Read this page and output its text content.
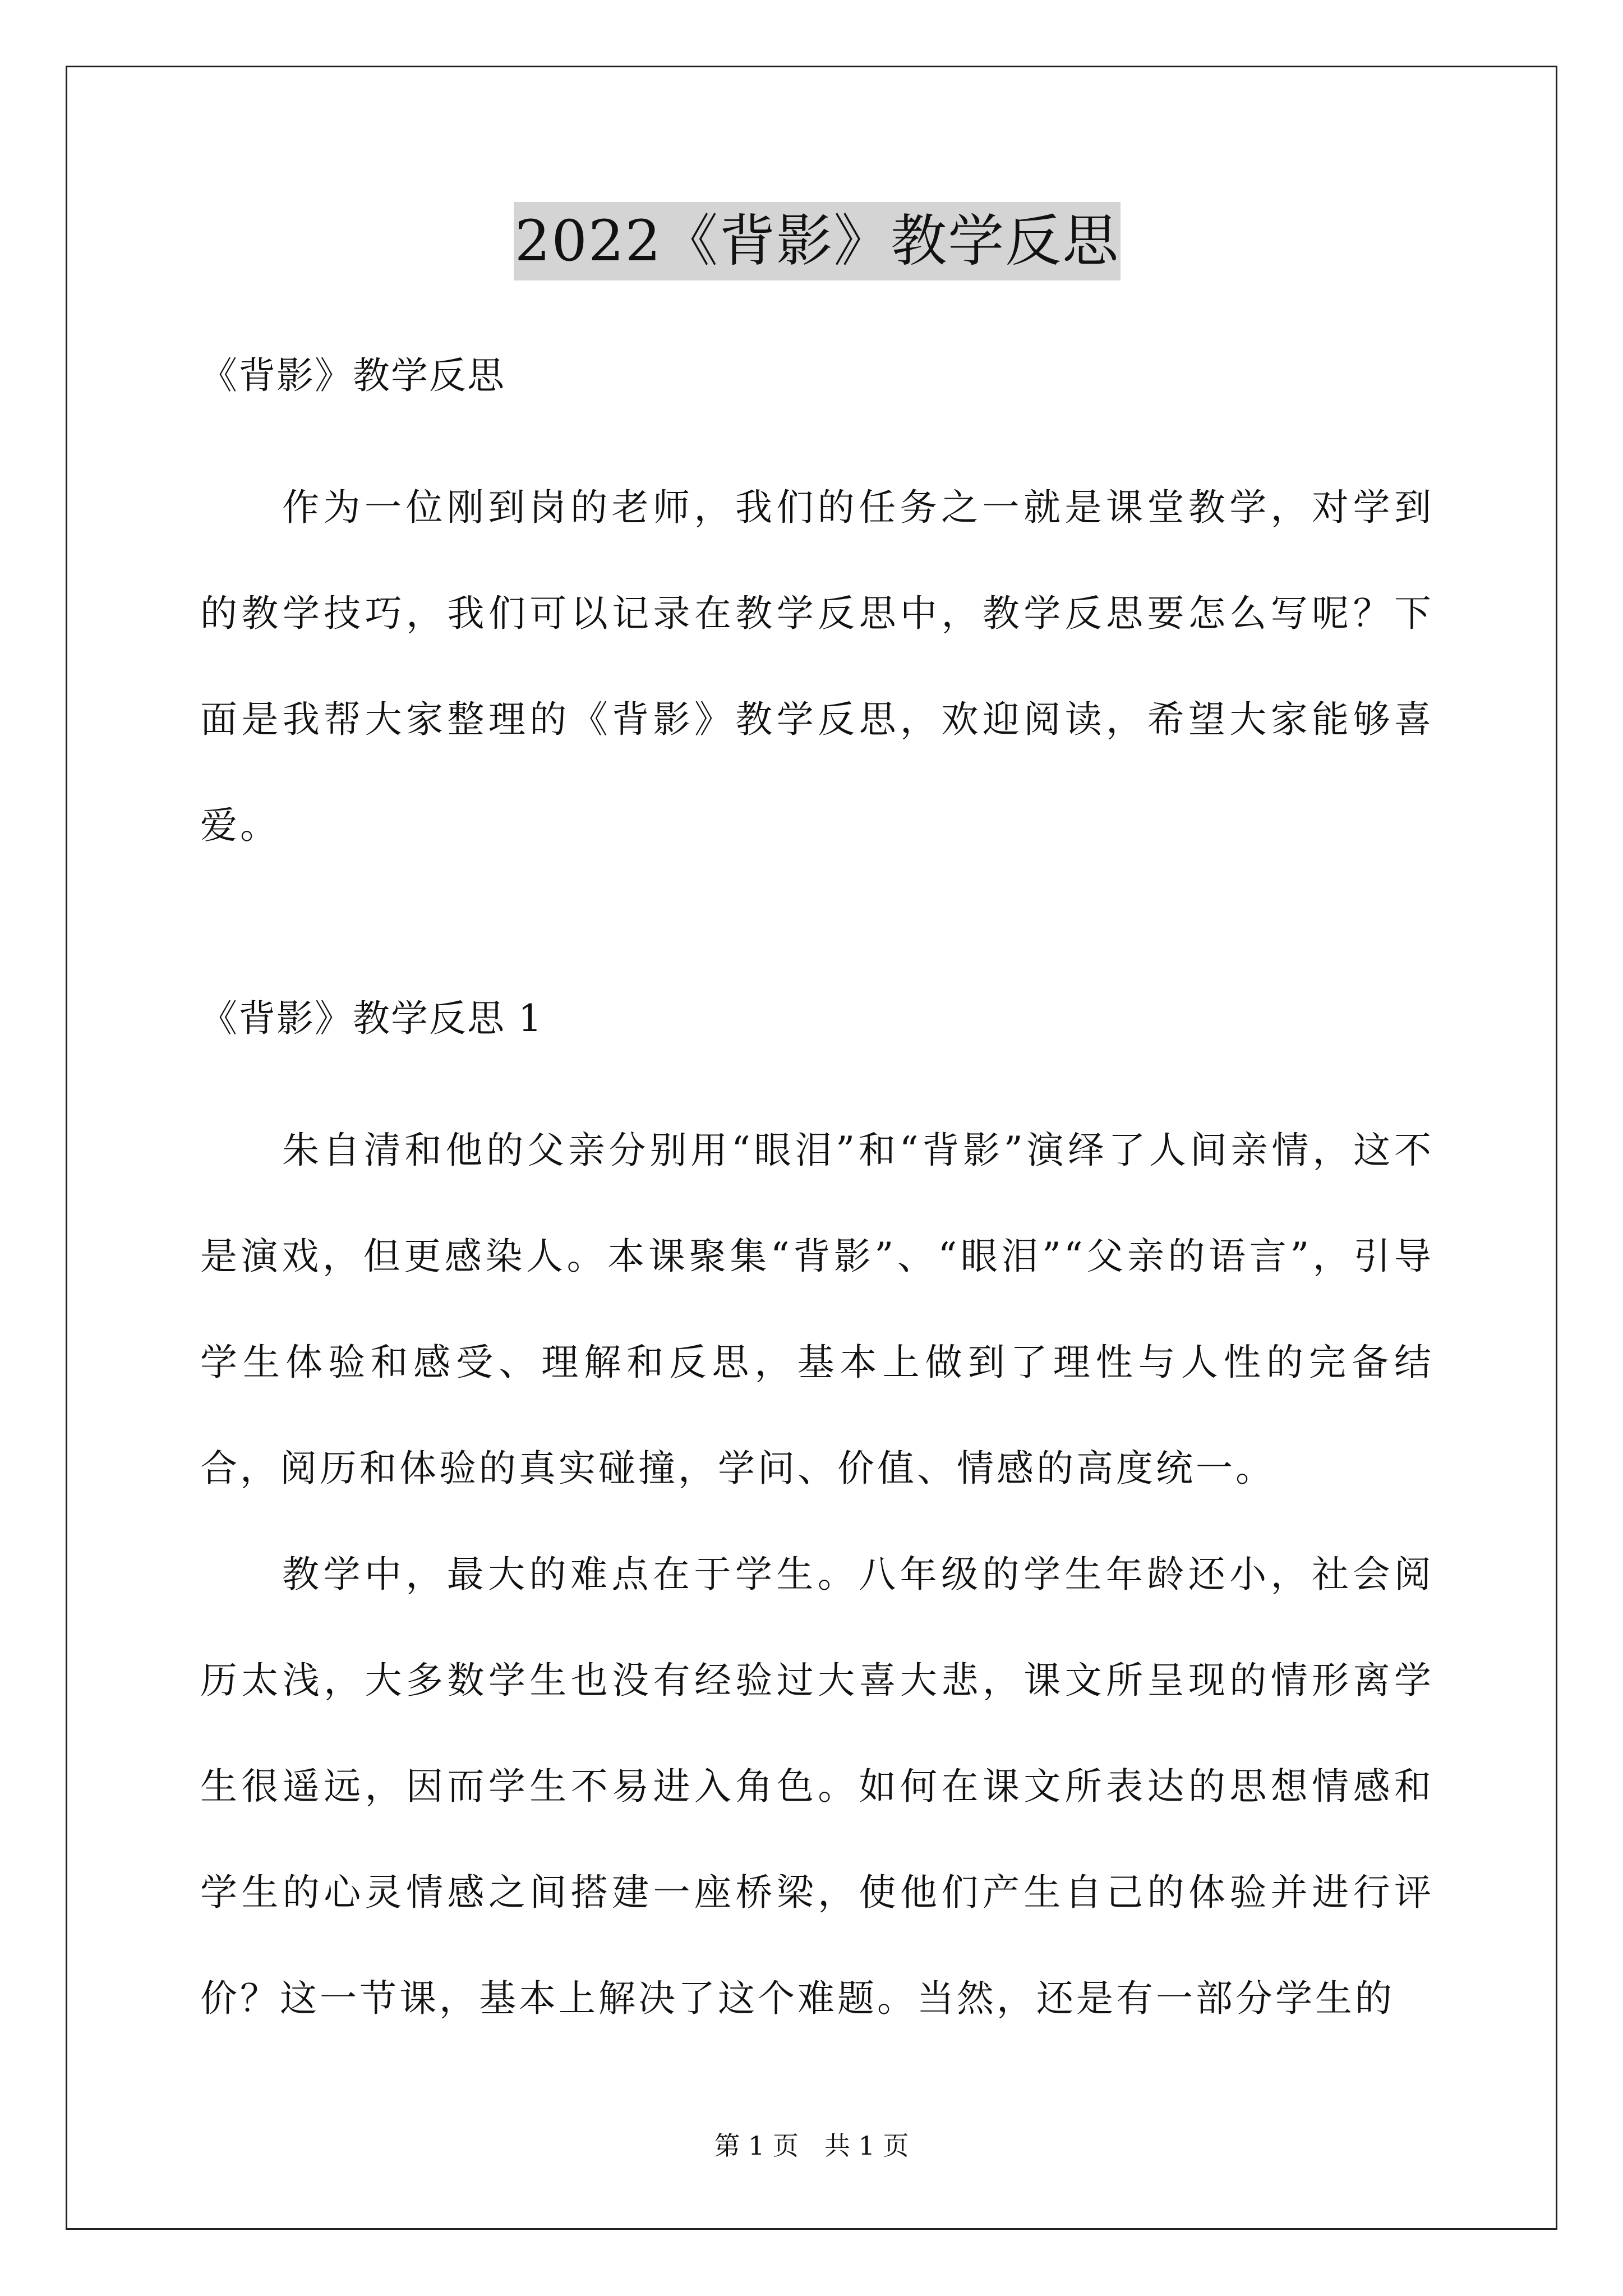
2022《背影》教学反思
《背影》教学反思

作为一位刚到岗的老师，我们的任务之一就是课堂教学，对学到的教学技巧，我们可以记录在教学反思中，教学反思要怎么写呢？下面是我帮大家整理的《背影》教学反思，欢迎阅读，希望大家能够喜爱。

《背影》教学反思 1

朱自清和他的父亲分别用“眼泪”和“背影”演绎了人间亲情，这不是演戏，但更感染人。本课聚集“背影”、“眼泪”“父亲的语言”，引导学生体验和感受、理解和反思，基本上做到了理性与人性的完备结合，阅历和体验的真实碰撞，学问、价值、情感的高度统一。

教学中，最大的难点在于学生。八年级的学生年龄还小，社会阅历太浅，大多数学生也没有经验过大喜大悲，课文所呈现的情形离学生很遥远，因而学生不易进入角色。如何在课文所表达的思想情感和学生的心灵情感之间搭建一座桥梁，使他们产生自己的体验并进行评价？这一节课，基本上解决了这个难题。当然，还是有一部分学生的

第 1 页　共 1 页
